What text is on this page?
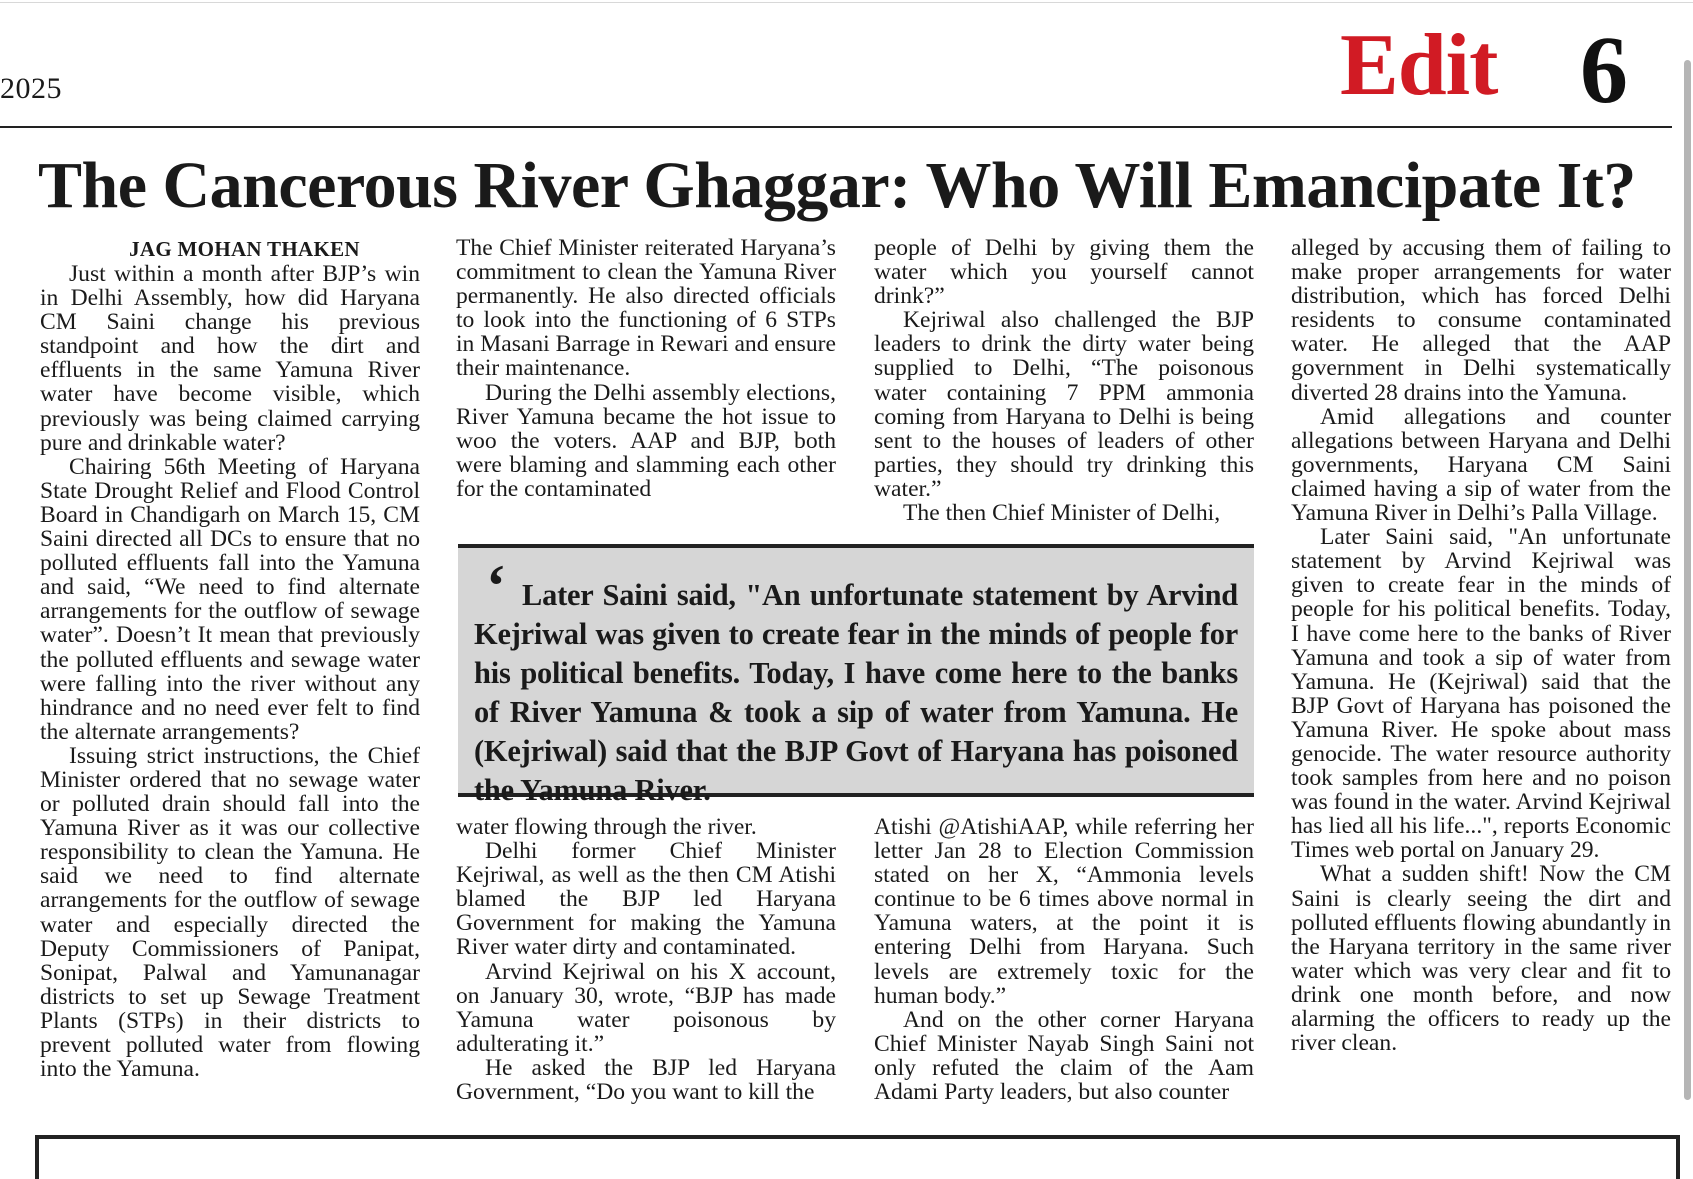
2025	Edit 6
The Cancerous River Ghaggar: Who Will Emancipate It?

JAG MOHAN THAKEN

Just within a month after BJP’s win in Delhi Assembly, how did Haryana CM Saini change his previous standpoint and how the dirt and effluents in the same Yamuna River water have become visible, which previously was being claimed carrying pure and drinkable water?

Chairing 56th Meeting of Haryana State Drought Relief and Flood Control Board in Chandigarh on March 15, CM Saini directed all DCs to ensure that no polluted effluents fall into the Yamuna and said, “We need to find alternate arrangements for the outflow of sewage water”. Doesn’t It mean that previously the polluted effluents and sewage water were falling into the river without any hindrance and no need ever felt to find the alternate arrangements?

Issuing strict instructions, the Chief Minister ordered that no sewage water or polluted drain should fall into the Yamuna River as it was our collective responsibility to clean the Yamuna. He said we need to find alternate arrangements for the outflow of sewage water and especially directed the Deputy Commissioners of Panipat, Sonipat, Palwal and Yamunanagar districts to set up Sewage Treatment Plants (STPs) in their districts to prevent polluted water from flowing into the Yamuna.

The Chief Minister reiterated Haryana’s commitment to clean the Yamuna River permanently. He also directed officials to look into the functioning of 6 STPs in Masani Barrage in Rewari and ensure their maintenance.

During the Delhi assembly elections, River Yamuna became the hot issue to woo the voters. AAP and BJP, both were blaming and slamming each other for the contaminated

people of Delhi by giving them the water which you yourself cannot drink?”

Kejriwal also challenged the BJP leaders to drink the dirty water being supplied to Delhi, “The poisonous water containing 7 PPM ammonia coming from Haryana to Delhi is being sent to the houses of leaders of other parties, they should try drinking this water.”

The then Chief Minister of Delhi,

‘ Later Saini said, "An unfortunate statement by Arvind Kejriwal was given to create fear in the minds of people for his political benefits. Today, I have come here to the banks of River Yamuna & took a sip of water from Yamuna. He (Kejriwal) said that the BJP Govt of Haryana has poisoned the Yamuna River.

water flowing through the river.

Delhi former Chief Minister Kejriwal, as well as the then CM Atishi blamed the BJP led Haryana Government for making the Yamuna River water dirty and contaminated.

Arvind Kejriwal on his X account, on January 30, wrote, “BJP has made Yamuna water poisonous by adulterating it.”

He asked the BJP led Haryana Government, “Do you want to kill the

Atishi @AtishiAAP, while referring her letter Jan 28 to Election Commission stated on her X, “Ammonia levels continue to be 6 times above normal in Yamuna waters, at the point it is entering Delhi from Haryana. Such levels are extremely toxic for the human body.”

And on the other corner Haryana Chief Minister Nayab Singh Saini not only refuted the claim of the Aam Adami Party leaders, but also counter

alleged by accusing them of failing to make proper arrangements for water distribution, which has forced Delhi residents to consume contaminated water. He alleged that the AAP government in Delhi systematically diverted 28 drains into the Yamuna.

Amid allegations and counter allegations between Haryana and Delhi governments, Haryana CM Saini claimed having a sip of water from the Yamuna River in Delhi’s Palla Village.

Later Saini said, "An unfortunate statement by Arvind Kejriwal was given to create fear in the minds of people for his political benefits. Today, I have come here to the banks of River Yamuna and took a sip of water from Yamuna. He (Kejriwal) said that the BJP Govt of Haryana has poisoned the Yamuna River. He spoke about mass genocide. The water resource authority took samples from here and no poison was found in the water. Arvind Kejriwal has lied all his life...", reports Economic Times web portal on January 29.

What a sudden shift! Now the CM Saini is clearly seeing the dirt and polluted effluents flowing abundantly in the Haryana territory in the same river water which was very clear and fit to drink one month before, and now alarming the officers to ready up the river clean.
